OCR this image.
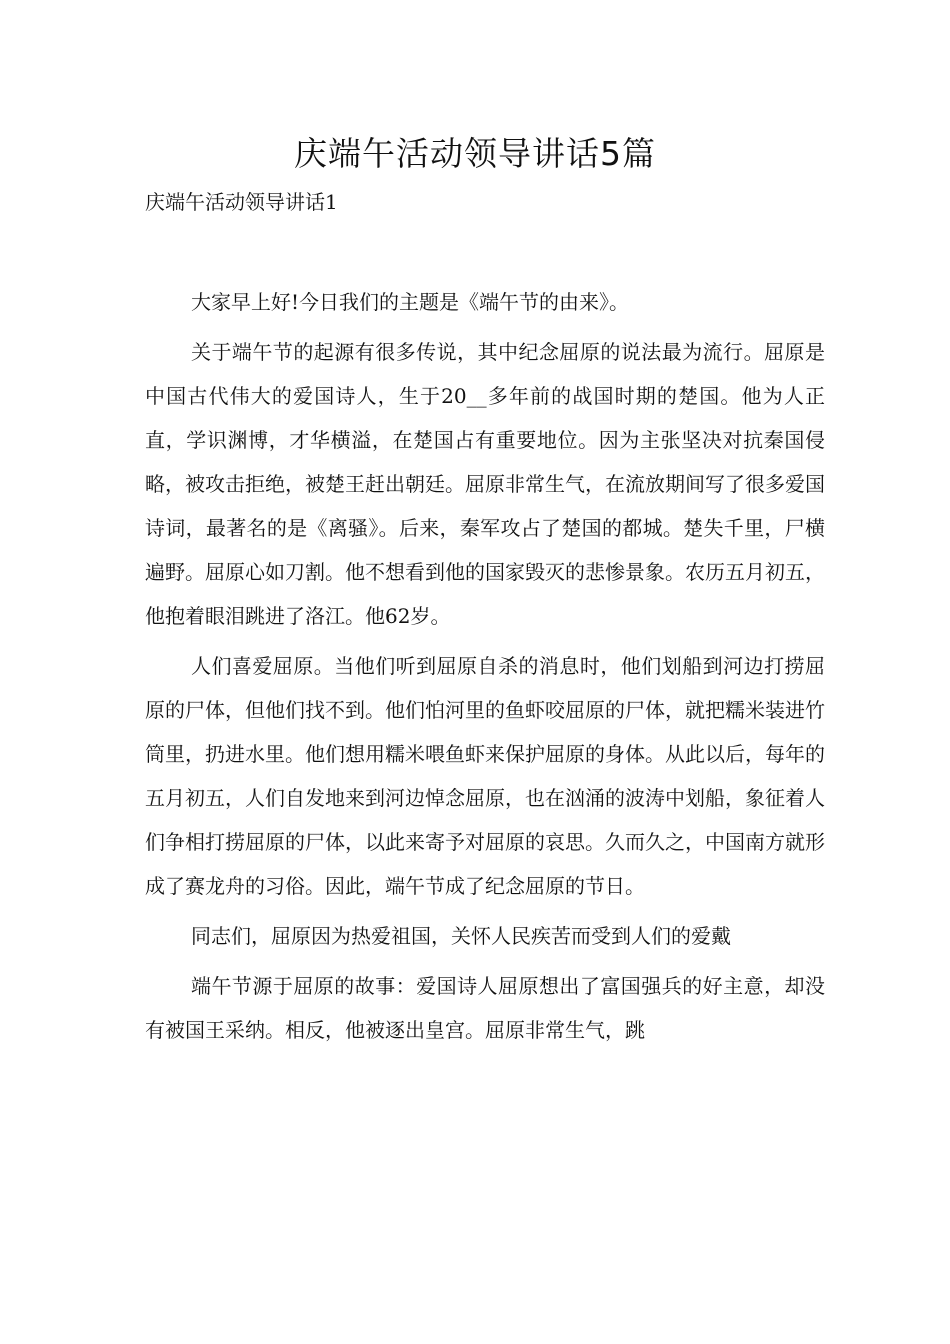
庆端午活动领导讲话5篇
庆端午活动领导讲话1

大家早上好!今日我们的主题是《端午节的由来》。

关于端午节的起源有很多传说，其中纪念屈原的说法最为流行。屈原是中国古代伟大的爱国诗人，生于20__多年前的战国时期的楚国。他为人正直，学识渊博，才华横溢，在楚国占有重要地位。因为主张坚决对抗秦国侵略，被攻击拒绝，被楚王赶出朝廷。屈原非常生气，在流放期间写了很多爱国诗词，最著名的是《离骚》。后来，秦军攻占了楚国的都城。楚失千里，尸横遍野。屈原心如刀割。他不想看到他的国家毁灭的悲惨景象。农历五月初五，他抱着眼泪跳进了洛江。他62岁。

人们喜爱屈原。当他们听到屈原自杀的消息时，他们划船到河边打捞屈原的尸体，但他们找不到。他们怕河里的鱼虾咬屈原的尸体，就把糯米装进竹筒里，扔进水里。他们想用糯米喂鱼虾来保护屈原的身体。从此以后，每年的五月初五，人们自发地来到河边悼念屈原，也在汹涌的波涛中划船，象征着人们争相打捞屈原的尸体，以此来寄予对屈原的哀思。久而久之，中国南方就形成了赛龙舟的习俗。因此，端午节成了纪念屈原的节日。

同志们，屈原因为热爱祖国，关怀人民疾苦而受到人们的爱戴

端午节源于屈原的故事：爱国诗人屈原想出了富国强兵的好主意，却没有被国王采纳。相反，他被逐出皇宫。屈原非常生气，跳
